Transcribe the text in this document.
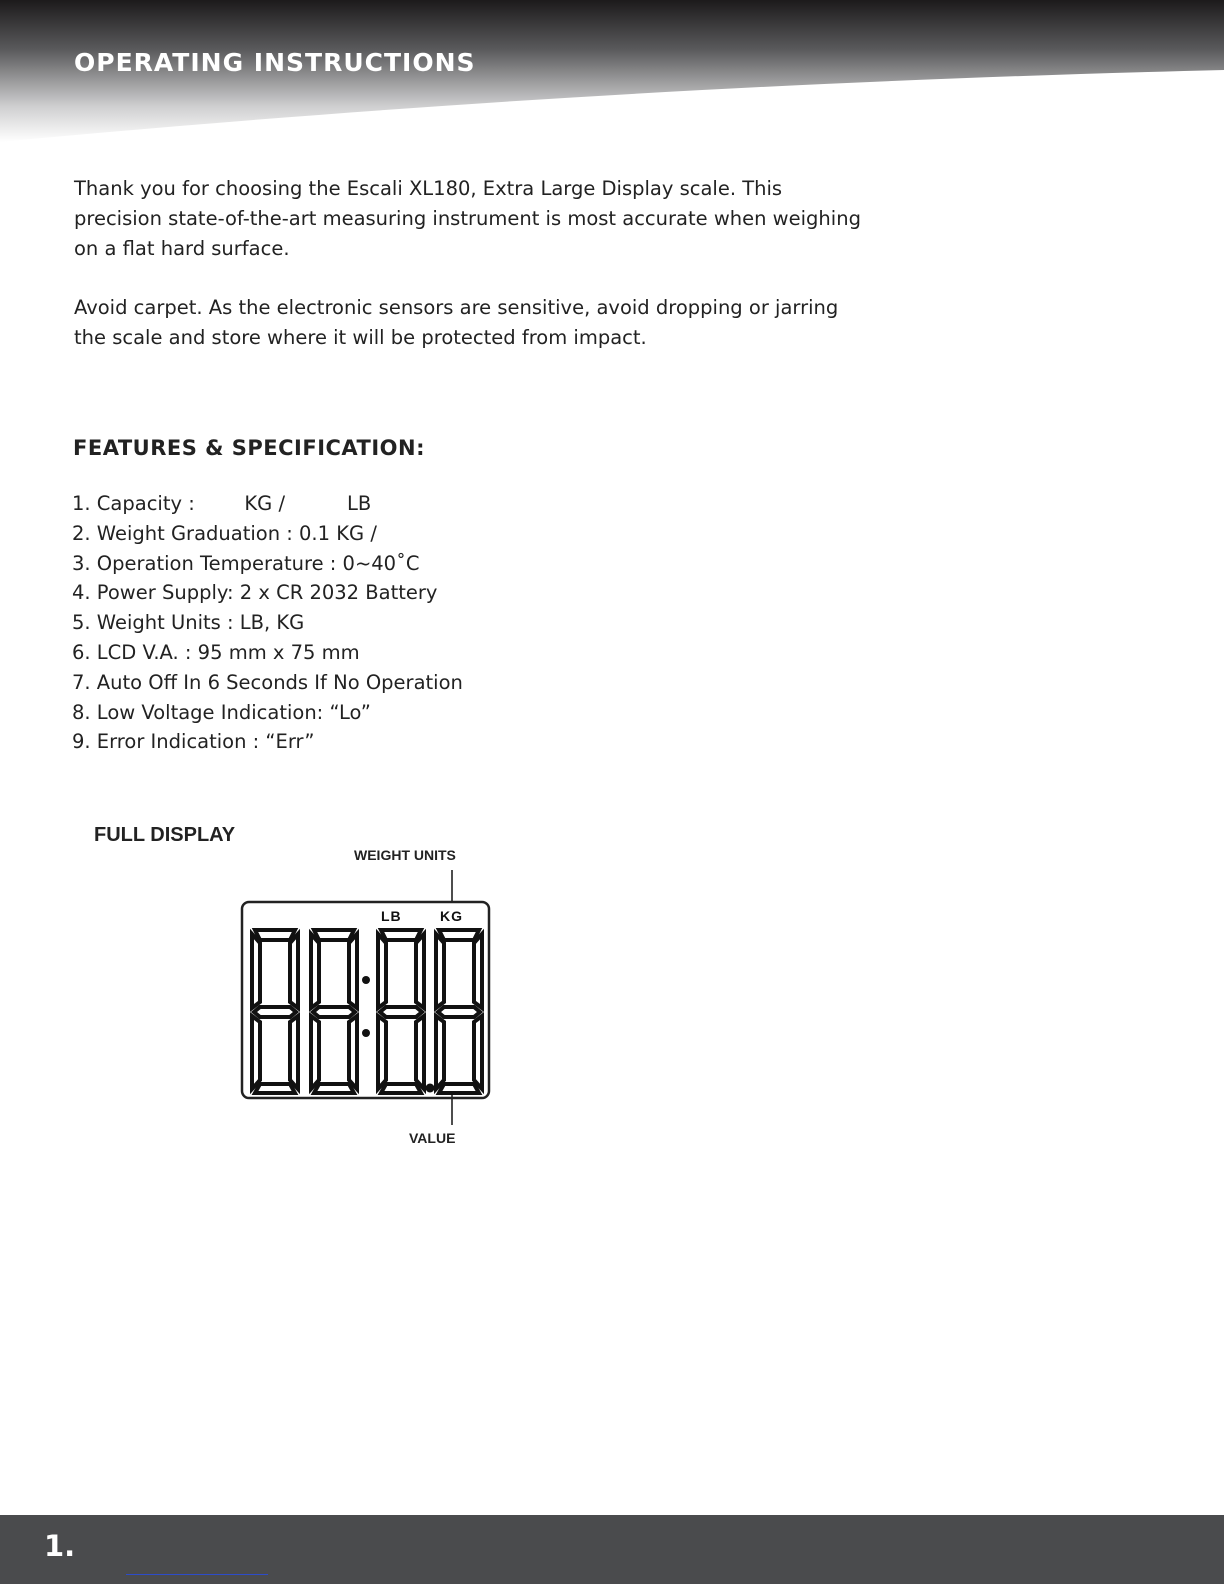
OPERATING INSTRUCTIONS

Thank you for choosing the Escali XL180, Extra Large Display scale. This precision state-of-the-art measuring instrument is most accurate when weighing on a flat hard surface.

Avoid carpet. As the electronic sensors are sensitive, avoid dropping or jarring the scale and store where it will be protected from impact.

FEATURES & SPECIFICATION:
1. Capacity :        KG /          LB
2. Weight Graduation : 0.1 KG /
3. Operation Temperature : 0~40˚C
4. Power Supply: 2 x CR 2032 Battery
5. Weight Units : LB, KG
6. LCD V.A. : 95 mm x 75 mm
7. Auto Off In 6 Seconds If No Operation
8. Low Voltage Indication: “Lo”
9. Error Indication : “Err”
FULL DISPLAY
WEIGHT UNITS
LB	KG
VALUE
1.
